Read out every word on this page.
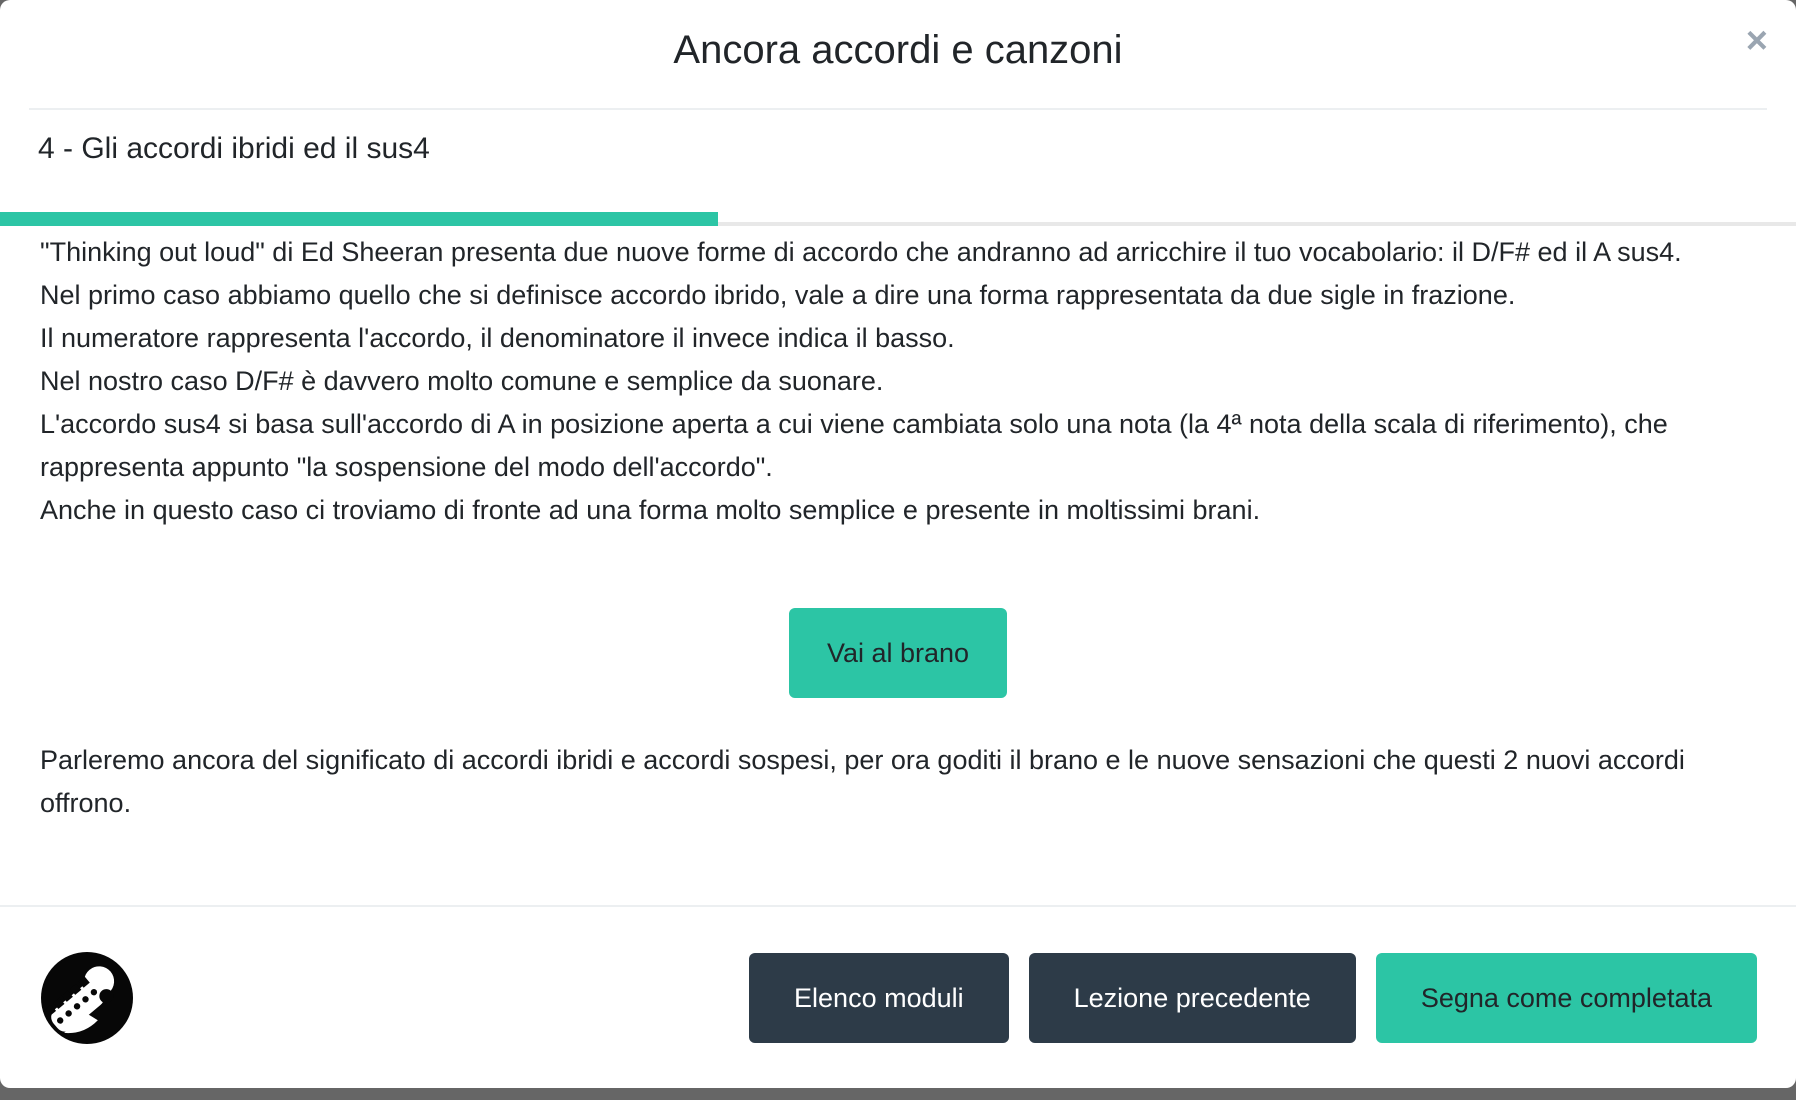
Ancora accordi e canzoni	×
4 - Gli accordi ibridi ed il sus4

"Thinking out loud" di Ed Sheeran presenta due nuove forme di accordo che andranno ad arricchire il tuo vocabolario: il D/F# ed il A sus4.

Nel primo caso abbiamo quello che si definisce accordo ibrido, vale a dire una forma rappresentata da due sigle in frazione.

Il numeratore rappresenta l'accordo, il denominatore il invece indica il basso.

Nel nostro caso D/F# è davvero molto comune e semplice da suonare.

L'accordo sus4 si basa sull'accordo di A in posizione aperta a cui viene cambiata solo una nota (la 4ª nota della scala di riferimento), che rappresenta appunto "la sospensione del modo dell'accordo".

Anche in questo caso ci troviamo di fronte ad una forma molto semplice e presente in moltissimi brani.

Vai al brano

Parleremo ancora del significato di accordi ibridi e accordi sospesi, per ora goditi il brano e le nuove sensazioni che questi 2 nuovi accordi offrono.

Elenco moduli	Lezione precedente	Segna come completata
